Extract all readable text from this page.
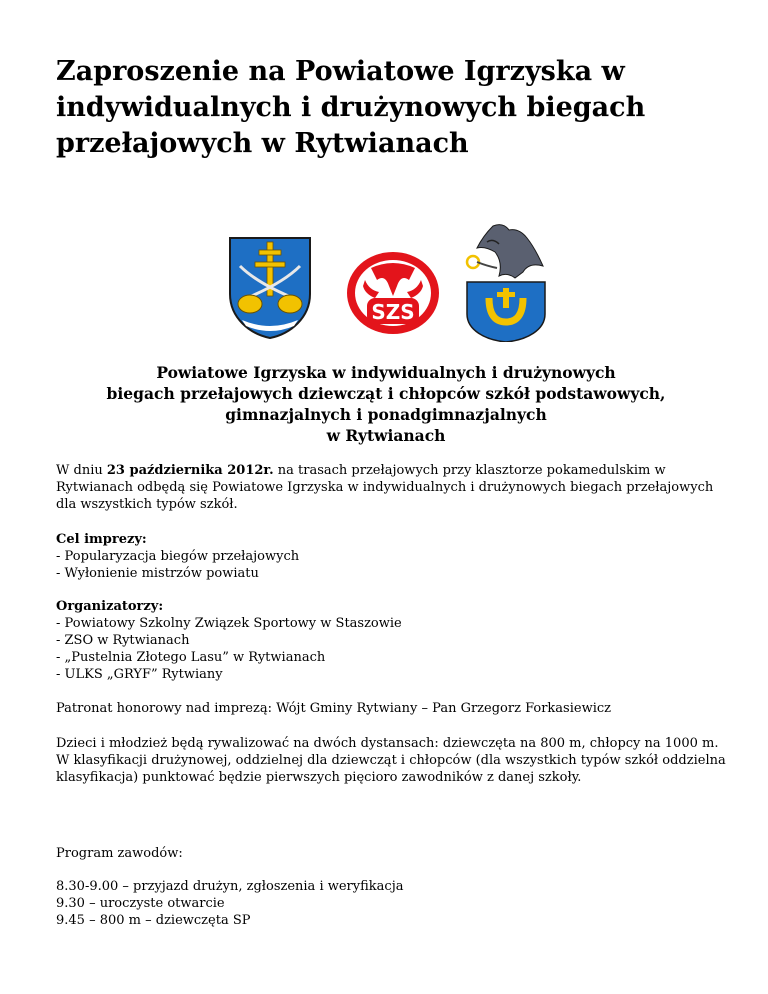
Zaproszenie na Powiatowe Igrzyska w
indywidualnych i drużynowych biegach
przełajowych w Rytwianach
SZS
Powiatowe Igrzyska w indywidualnych i drużynowych
biegach przełajowych dziewcząt i chłopców szkół podstawowych,
gimnazjalnych i ponadgimnazjalnych
w Rytwianach

W dniu 23 października 2012r. na trasach przełajowych przy klasztorze pokamedulskim w
Rytwianach odbędą się Powiatowe Igrzyska w indywidualnych i drużynowych biegach przełajowych
dla wszystkich typów szkół.

Cel imprezy:
- Popularyzacja biegów przełajowych
- Wyłonienie mistrzów powiatu

Organizatorzy:
- Powiatowy Szkolny Związek Sportowy w Staszowie
- ZSO w Rytwianach
- „Pustelnia Złotego Lasu” w Rytwianach
- ULKS „GRYF” Rytwiany

Patronat honorowy nad imprezą: Wójt Gminy Rytwiany – Pan Grzegorz Forkasiewicz

Dzieci i młodzież będą rywalizować na dwóch dystansach: dziewczęta na 800 m, chłopcy na 1000 m.
W klasyfikacji drużynowej, oddzielnej dla dziewcząt i chłopców (dla wszystkich typów szkół oddzielna
klasyfikacja) punktować będzie pierwszych pięcioro zawodników z danej szkoły.

Program zawodów:

8.30-9.00 – przyjazd drużyn, zgłoszenia i weryfikacja
9.30 – uroczyste otwarcie
9.45 – 800 m – dziewczęta SP
